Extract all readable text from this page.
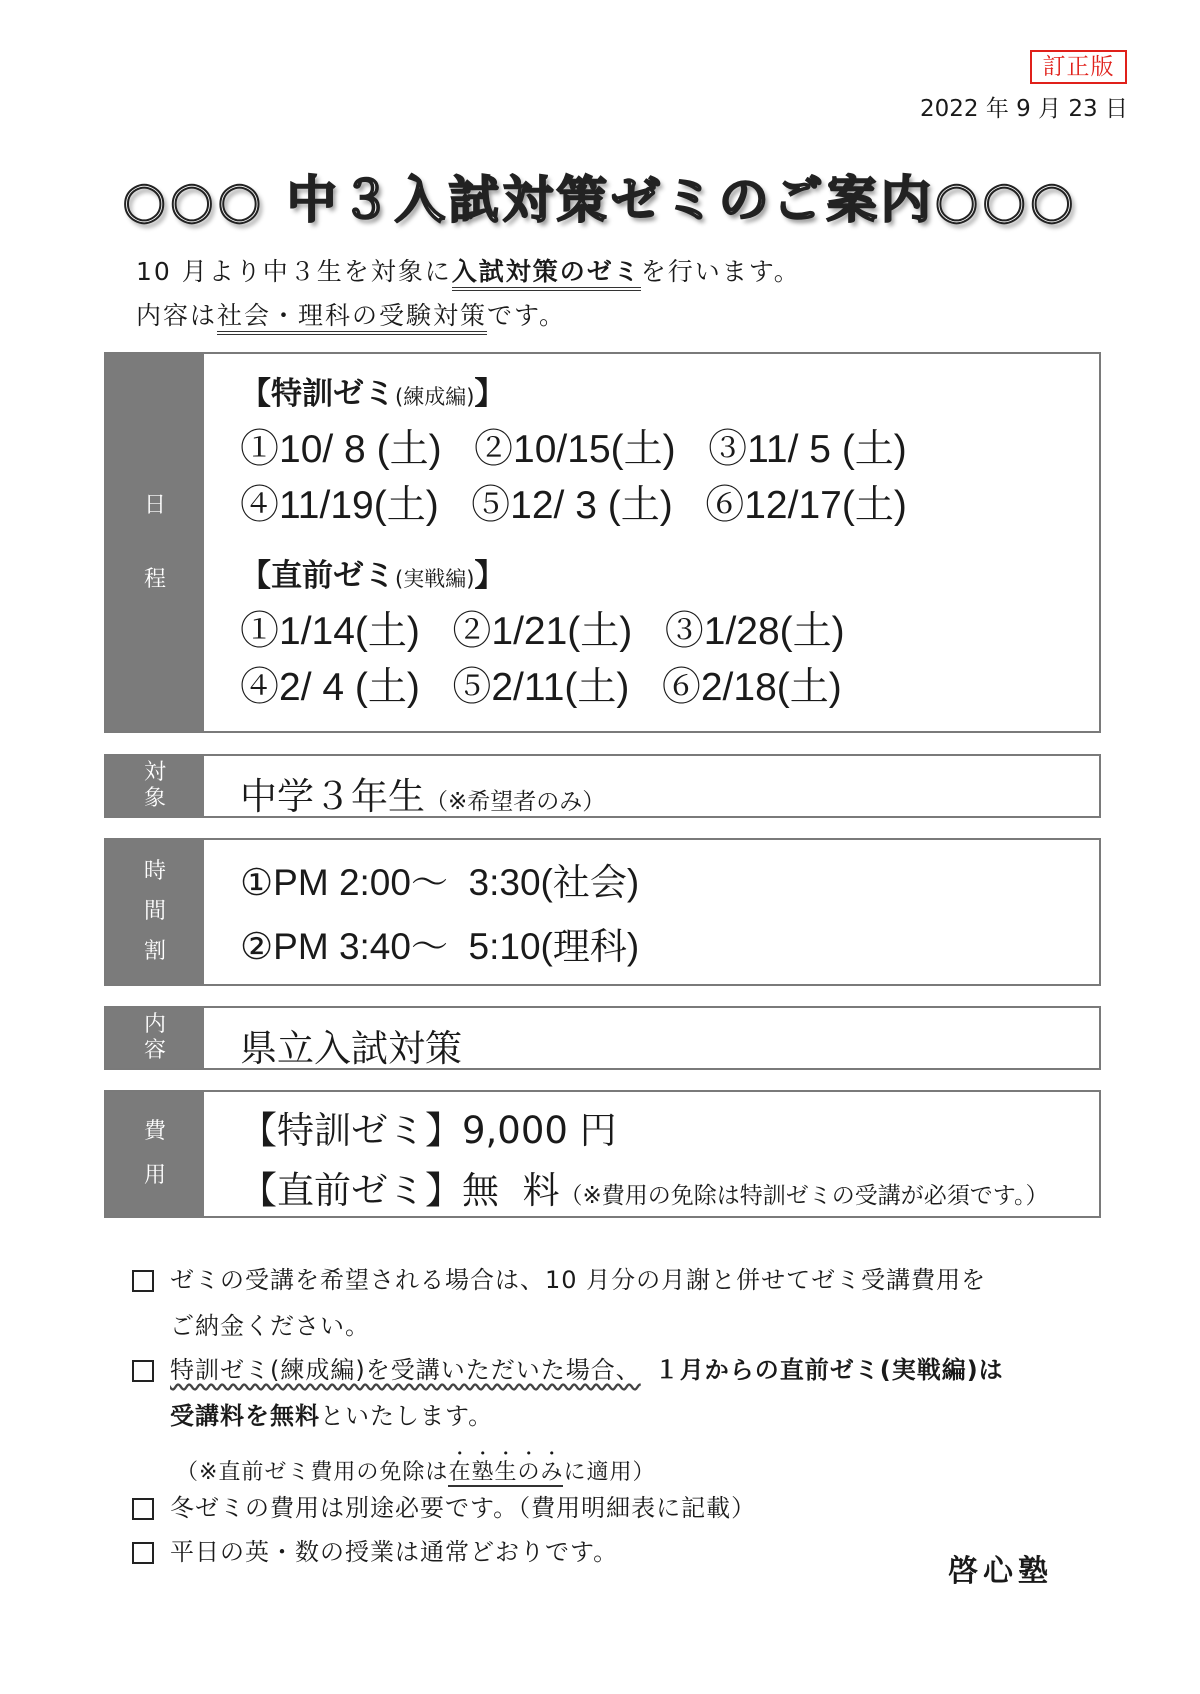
訂正版
2022 年 9 月 23 日
○○○ 中３入試対策ゼミのご案内○○○
10 月より中３生を対象に入試対策のゼミを行います。
内容は社会・理科の受験対策です。
日
程
【特訓ゼミ(練成編)】
①10/ 8 (土)   ②10/15(土)   ③11/ 5 (土)
④11/19(土)   ⑤12/ 3 (土)   ⑥12/17(土)
【直前ゼミ(実戦編)】
①1/14(土)   ②1/21(土)   ③1/28(土)
④2/ 4 (土)   ⑤2/11(土)   ⑥2/18(土)
対
象 中学３年生（※希望者のみ）
時
間
割
①PM 2:00～  3:30(社会)
②PM 3:40～  5:10(理科)
内
容 県立入試対策
費
用
【特訓ゼミ】9,000 円
【直前ゼミ】無  料（※費用の免除は特訓ゼミの受講が必須です。）
ゼミの受講を希望される場合は、10 月分の月謝と併せてゼミ受講費用を
ご納金ください。
特訓ゼミ(練成編)を受講いただいた場合、 １月からの直前ゼミ(実戦編)は
受講料を無料といたします。
（※直前ゼミ費用の免除は在塾生のみに適用）
冬ゼミの費用は別途必要です。（費用明細表に記載）
平日の英・数の授業は通常どおりです。
啓心塾
